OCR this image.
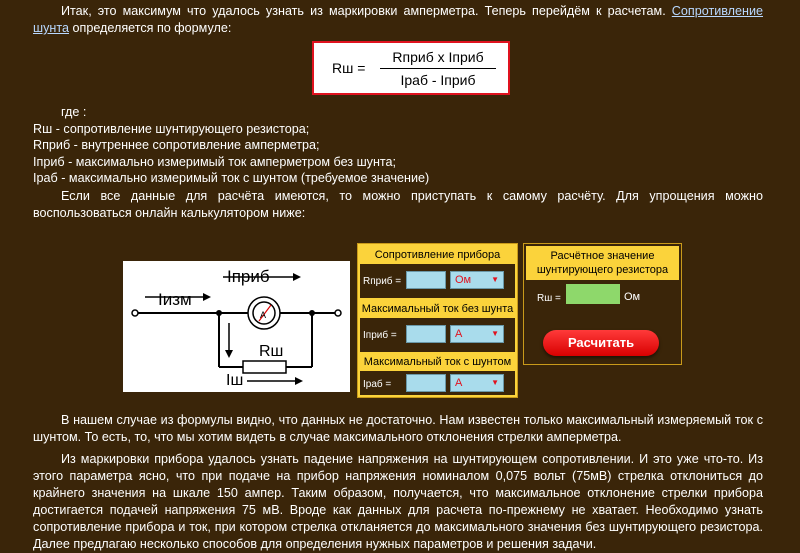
Итак, это максимум что удалось узнать из маркировки амперметра. Теперь перейдём к расчетам. Сопротивление шунта определяется по формуле:

Rш =
Rприб x Iприб
Iраб - Iприб
где :
Rш - сопротивление шунтирующего резистора;
Rприб - внутреннее сопротивление амперметра;
Iприб - максимально измеримый ток амперметром без шунта;
Iраб - максимально измеримый ток с шунтом (требуемое значение)

Если все данные для расчёта имеются, то можно приступать к самому расчёту. Для упрощения можно воспользоваться онлайн калькулятором ниже:

Iизм
Iприб
Rш
Iш
A
Сопротивление прибора
Rприб =	Ом ▼
Максимальный ток без шунта
Iприб =	А	▼
Максимальный ток с шунтом
Iраб =	А	▼
Расчётное значение шунтирующего резистора
Rш =	Ом
Расчитать

В нашем случае из формулы видно, что данных не достаточно. Нам известен только максимальный измеряемый ток с шунтом. То есть, то, что мы хотим видеть в случае максимального отклонения стрелки амперметра.

Из маркировки прибора удалось узнать падение напряжения на шунтирующем сопротивлении. И это уже что-то. Из этого параметра ясно, что при подаче на прибор напряжения номиналом 0,075 вольт (75мВ) стрелка отклониться до крайнего значения на шкале 150 ампер. Таким образом, получается, что максимальное отклонение стрелки прибора достигается подачей напряжения 75 мВ. Вроде как данных для расчета по-прежнему не хватает. Необходимо узнать сопротивление прибора и ток, при котором стрелка откланяется до максимального значения без шунтирующего резистора. Далее предлагаю несколько способов для определения нужных параметров и решения задачи.
